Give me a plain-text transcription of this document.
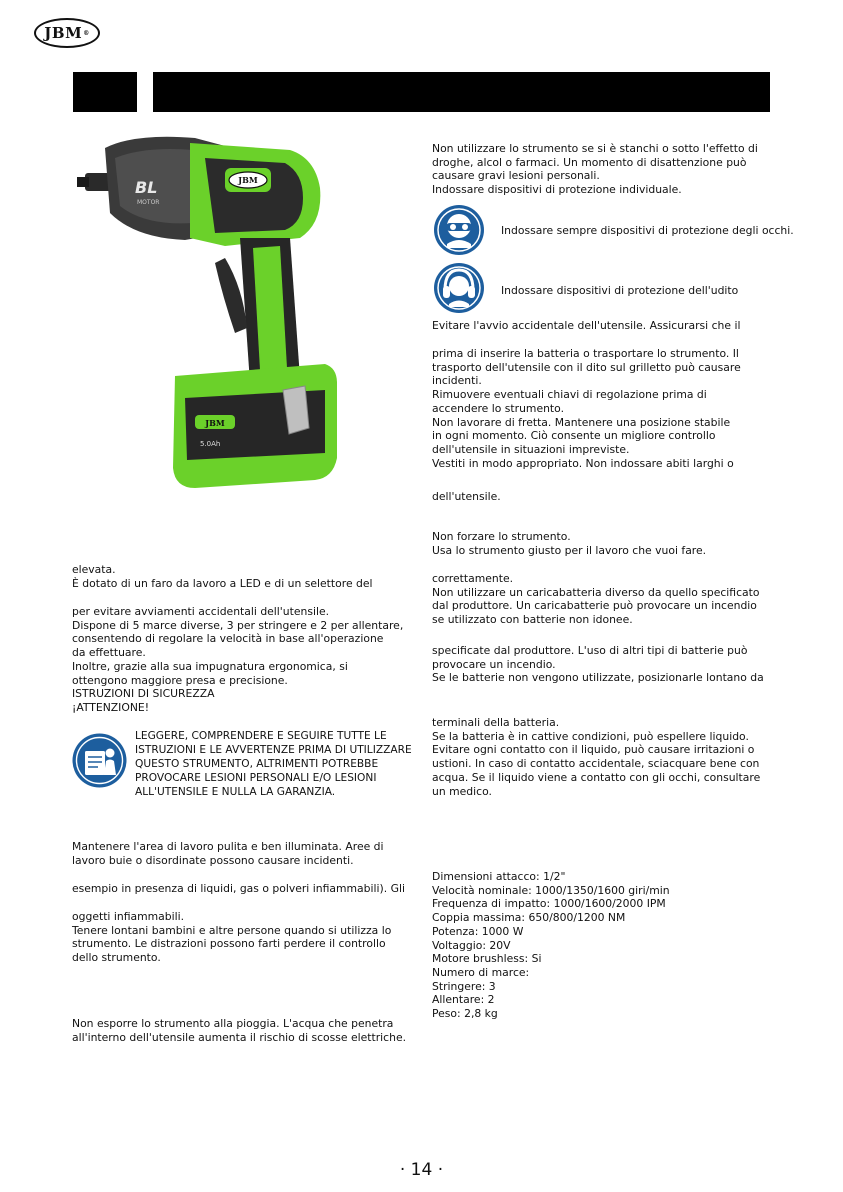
JBM ®
BL
MOTOR
JBM
JBM
5.0Ah
Non utilizzare lo strumento se si è stanchi o sotto l'effetto di
droghe, alcol o farmaci. Un momento di disattenzione può
causare gravi lesioni personali.
Indossare dispositivi di protezione individuale.
Indossare sempre dispositivi di protezione degli occhi.
Indossare dispositivi di protezione dell'udito
Evitare l'avvio accidentale dell'utensile. Assicurarsi che il
prima di inserire la batteria o trasportare lo strumento. Il
trasporto dell'utensile con il dito sul grilletto può causare
incidenti.
Rimuovere eventuali chiavi di regolazione prima di
accendere lo strumento.
Non lavorare di fretta. Mantenere una posizione stabile
in ogni momento. Ciò consente un migliore controllo
dell'utensile in situazioni impreviste.
Vestiti in modo appropriato. Non indossare abiti larghi o
dell'utensile.
Non forzare lo strumento.
Usa lo strumento giusto per il lavoro che vuoi fare.
correttamente.
Non utilizzare un caricabatteria diverso da quello specificato
dal produttore. Un caricabatterie può provocare un incendio
se utilizzato con batterie non idonee.
specificate dal produttore. L'uso di altri tipi di batterie può
provocare un incendio.
Se le batterie non vengono utilizzate, posizionarle lontano da
terminali della batteria.
Se la batteria è in cattive condizioni, può espellere liquido.
Evitare ogni contatto con il liquido, può causare irritazioni o
ustioni. In caso di contatto accidentale, sciacquare bene con
acqua. Se il liquido viene a contatto con gli occhi, consultare
un medico.
Dimensioni attacco: 1/2"
Velocità nominale: 1000/1350/1600 giri/min
Frequenza di impatto: 1000/1600/2000 IPM
Coppia massima: 650/800/1200 NM
Potenza: 1000 W
Voltaggio: 20V
Motore brushless: Si
Numero di marce:
Stringere: 3
Allentare: 2
Peso: 2,8 kg
elevata.
È dotato di un faro da lavoro a LED e di un selettore del
per evitare avviamenti accidentali dell'utensile.
Dispone di 5 marce diverse, 3 per stringere e 2 per allentare,
consentendo di regolare la velocità in base all'operazione
da effettuare.
Inoltre, grazie alla sua impugnatura ergonomica, si
ottengono maggiore presa e precisione.
ISTRUZIONI DI SICUREZZA
¡ATTENZIONE!
LEGGERE, COMPRENDERE E SEGUIRE TUTTE LE
ISTRUZIONI E LE AVVERTENZE PRIMA DI UTILIZZARE
QUESTO STRUMENTO, ALTRIMENTI POTREBBE
PROVOCARE LESIONI PERSONALI E/O LESIONI
ALL'UTENSILE E NULLA LA GARANZIA.
Mantenere l'area di lavoro pulita e ben illuminata. Aree di
lavoro buie o disordinate possono causare incidenti.
esempio in presenza di liquidi, gas o polveri infiammabili). Gli
oggetti infiammabili.
Tenere lontani bambini e altre persone quando si utilizza lo
strumento. Le distrazioni possono farti perdere il controllo
dello strumento.
Non esporre lo strumento alla pioggia. L'acqua che penetra
all'interno dell'utensile aumenta il rischio di scosse elettriche.
· 14 ·
